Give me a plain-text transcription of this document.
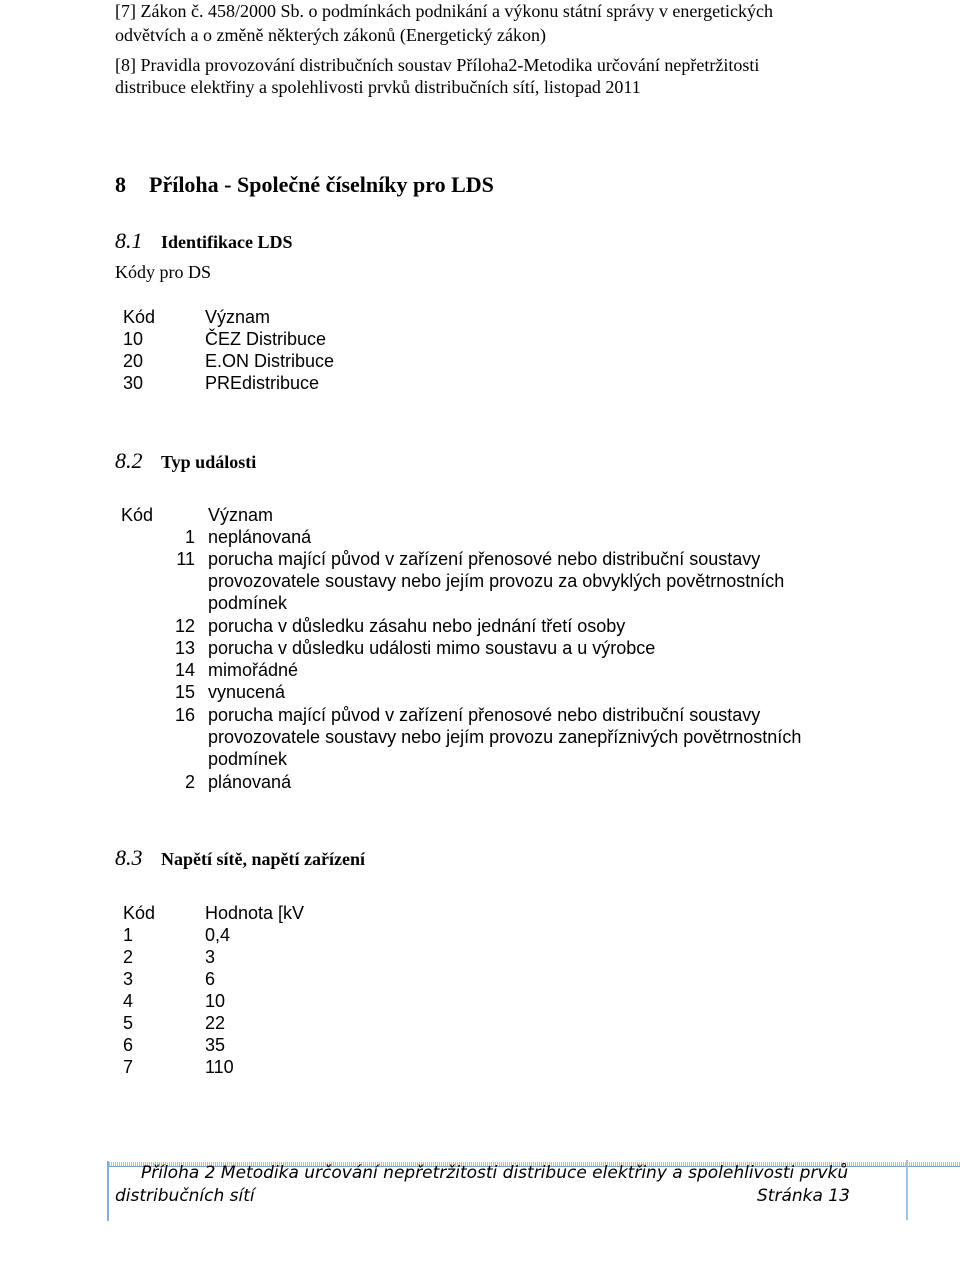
[7] Zákon č. 458/2000 Sb. o podmínkách podnikání a výkonu státní správy v energetických
odvětvích a o změně některých zákonů (Energetický zákon)
[8] Pravidla provozování distribučních soustav Příloha2-Metodika určování nepřetržitosti
distribuce elektřiny a spolehlivosti prvků distribučních sítí, listopad 2011
8 Příloha - Společné číselníky pro LDS
8.1 Identifikace LDS
Kódy pro DS
Kód	Význam
10	ČEZ Distribuce
20	E.ON Distribuce
30	PREdistribuce
8.2 Typ události
Kód	Význam
1 neplánovaná
11 porucha mající původ v zařízení přenosové nebo distribuční soustavy provozovatele soustavy nebo jejím provozu za obvyklých povětrnostních podmínek
12 porucha v důsledku zásahu nebo jednání třetí osoby
13 porucha v důsledku události mimo soustavu a u výrobce
14 mimořádné
15 vynucená
16 porucha mající původ v zařízení přenosové nebo distribuční soustavy provozovatele soustavy nebo jejím provozu zanepříznivých povětrnostních podmínek
2 plánovaná
8.3 Napětí sítě, napětí zařízení
Kód	Hodnota [kV
1	0,4
2	3
3	6
4	10
5	22
6	35
7	110
Příloha 2 Metodika určování nepřetržitosti distribuce elektřiny a spolehlivosti prvků
distribučních sítí	Stránka 13
